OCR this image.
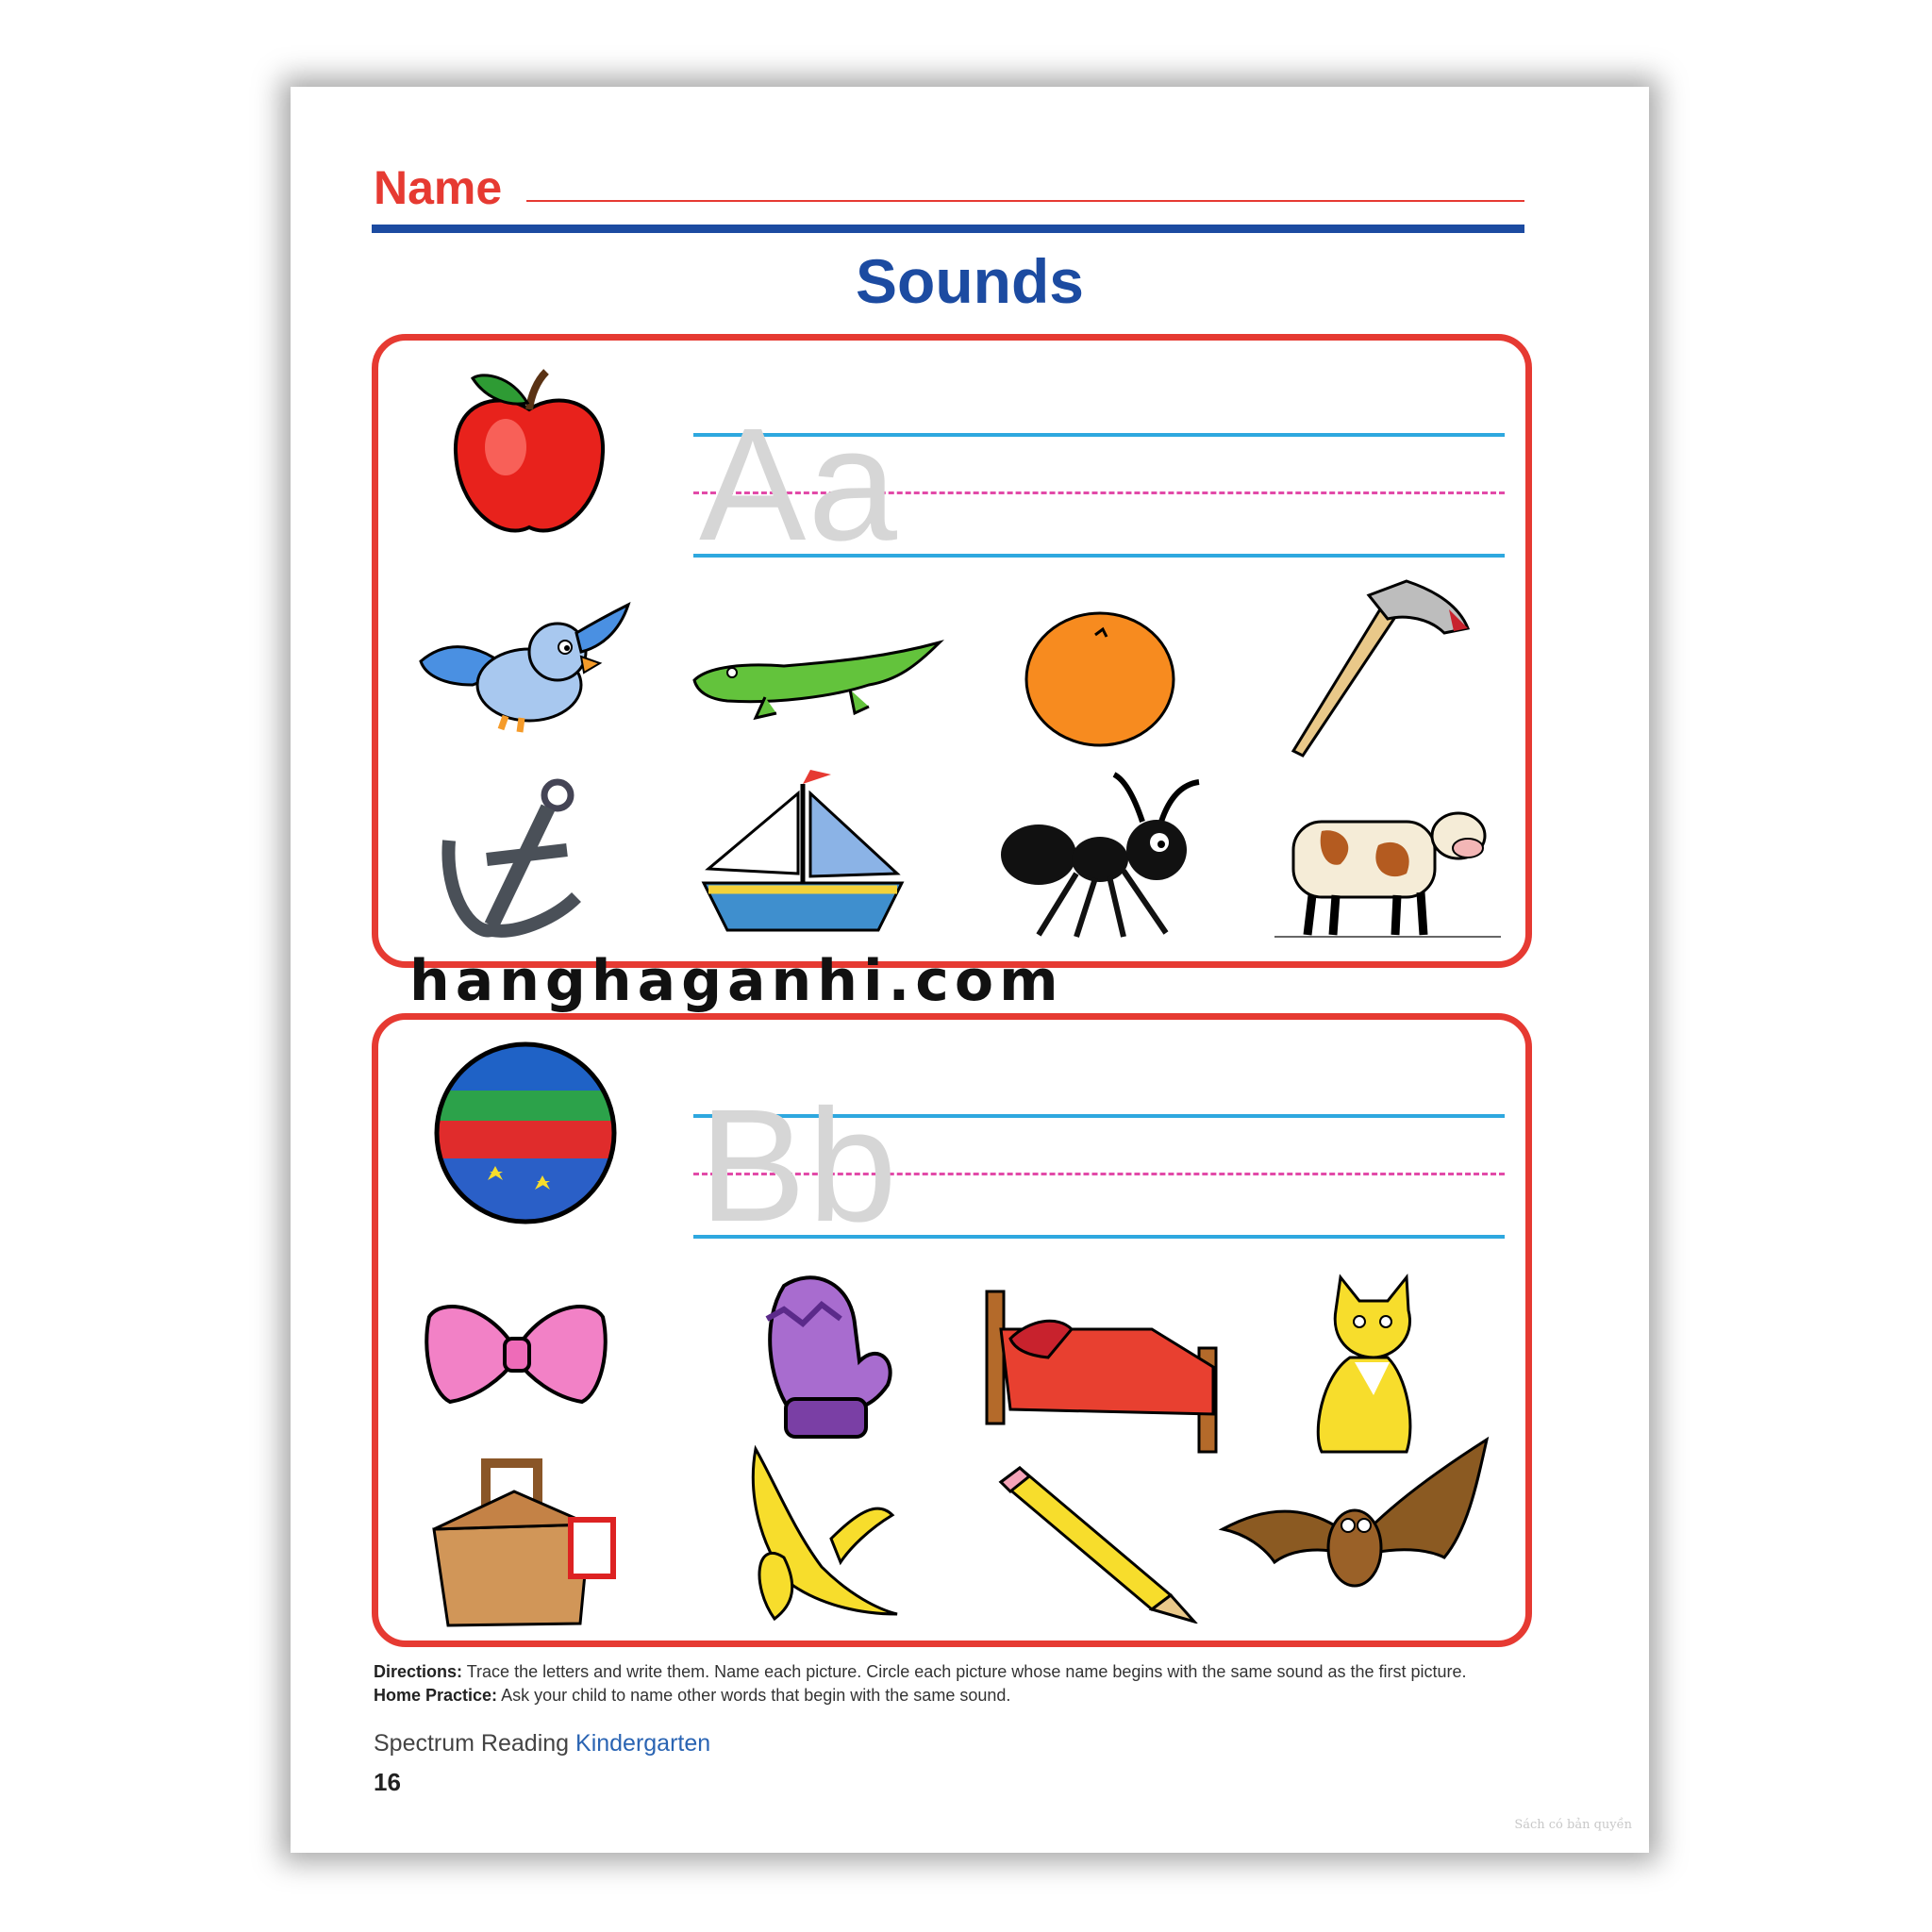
Name
Sounds
Aa
Bb
Directions: Trace the letters and write them. Name each picture. Circle each picture whose name begins with the same sound as the first picture.
Home Practice: Ask your child to name other words that begin with the same sound.
Spectrum Reading Kindergarten
16
Sách có bản quyền
hanghaganhi.com
